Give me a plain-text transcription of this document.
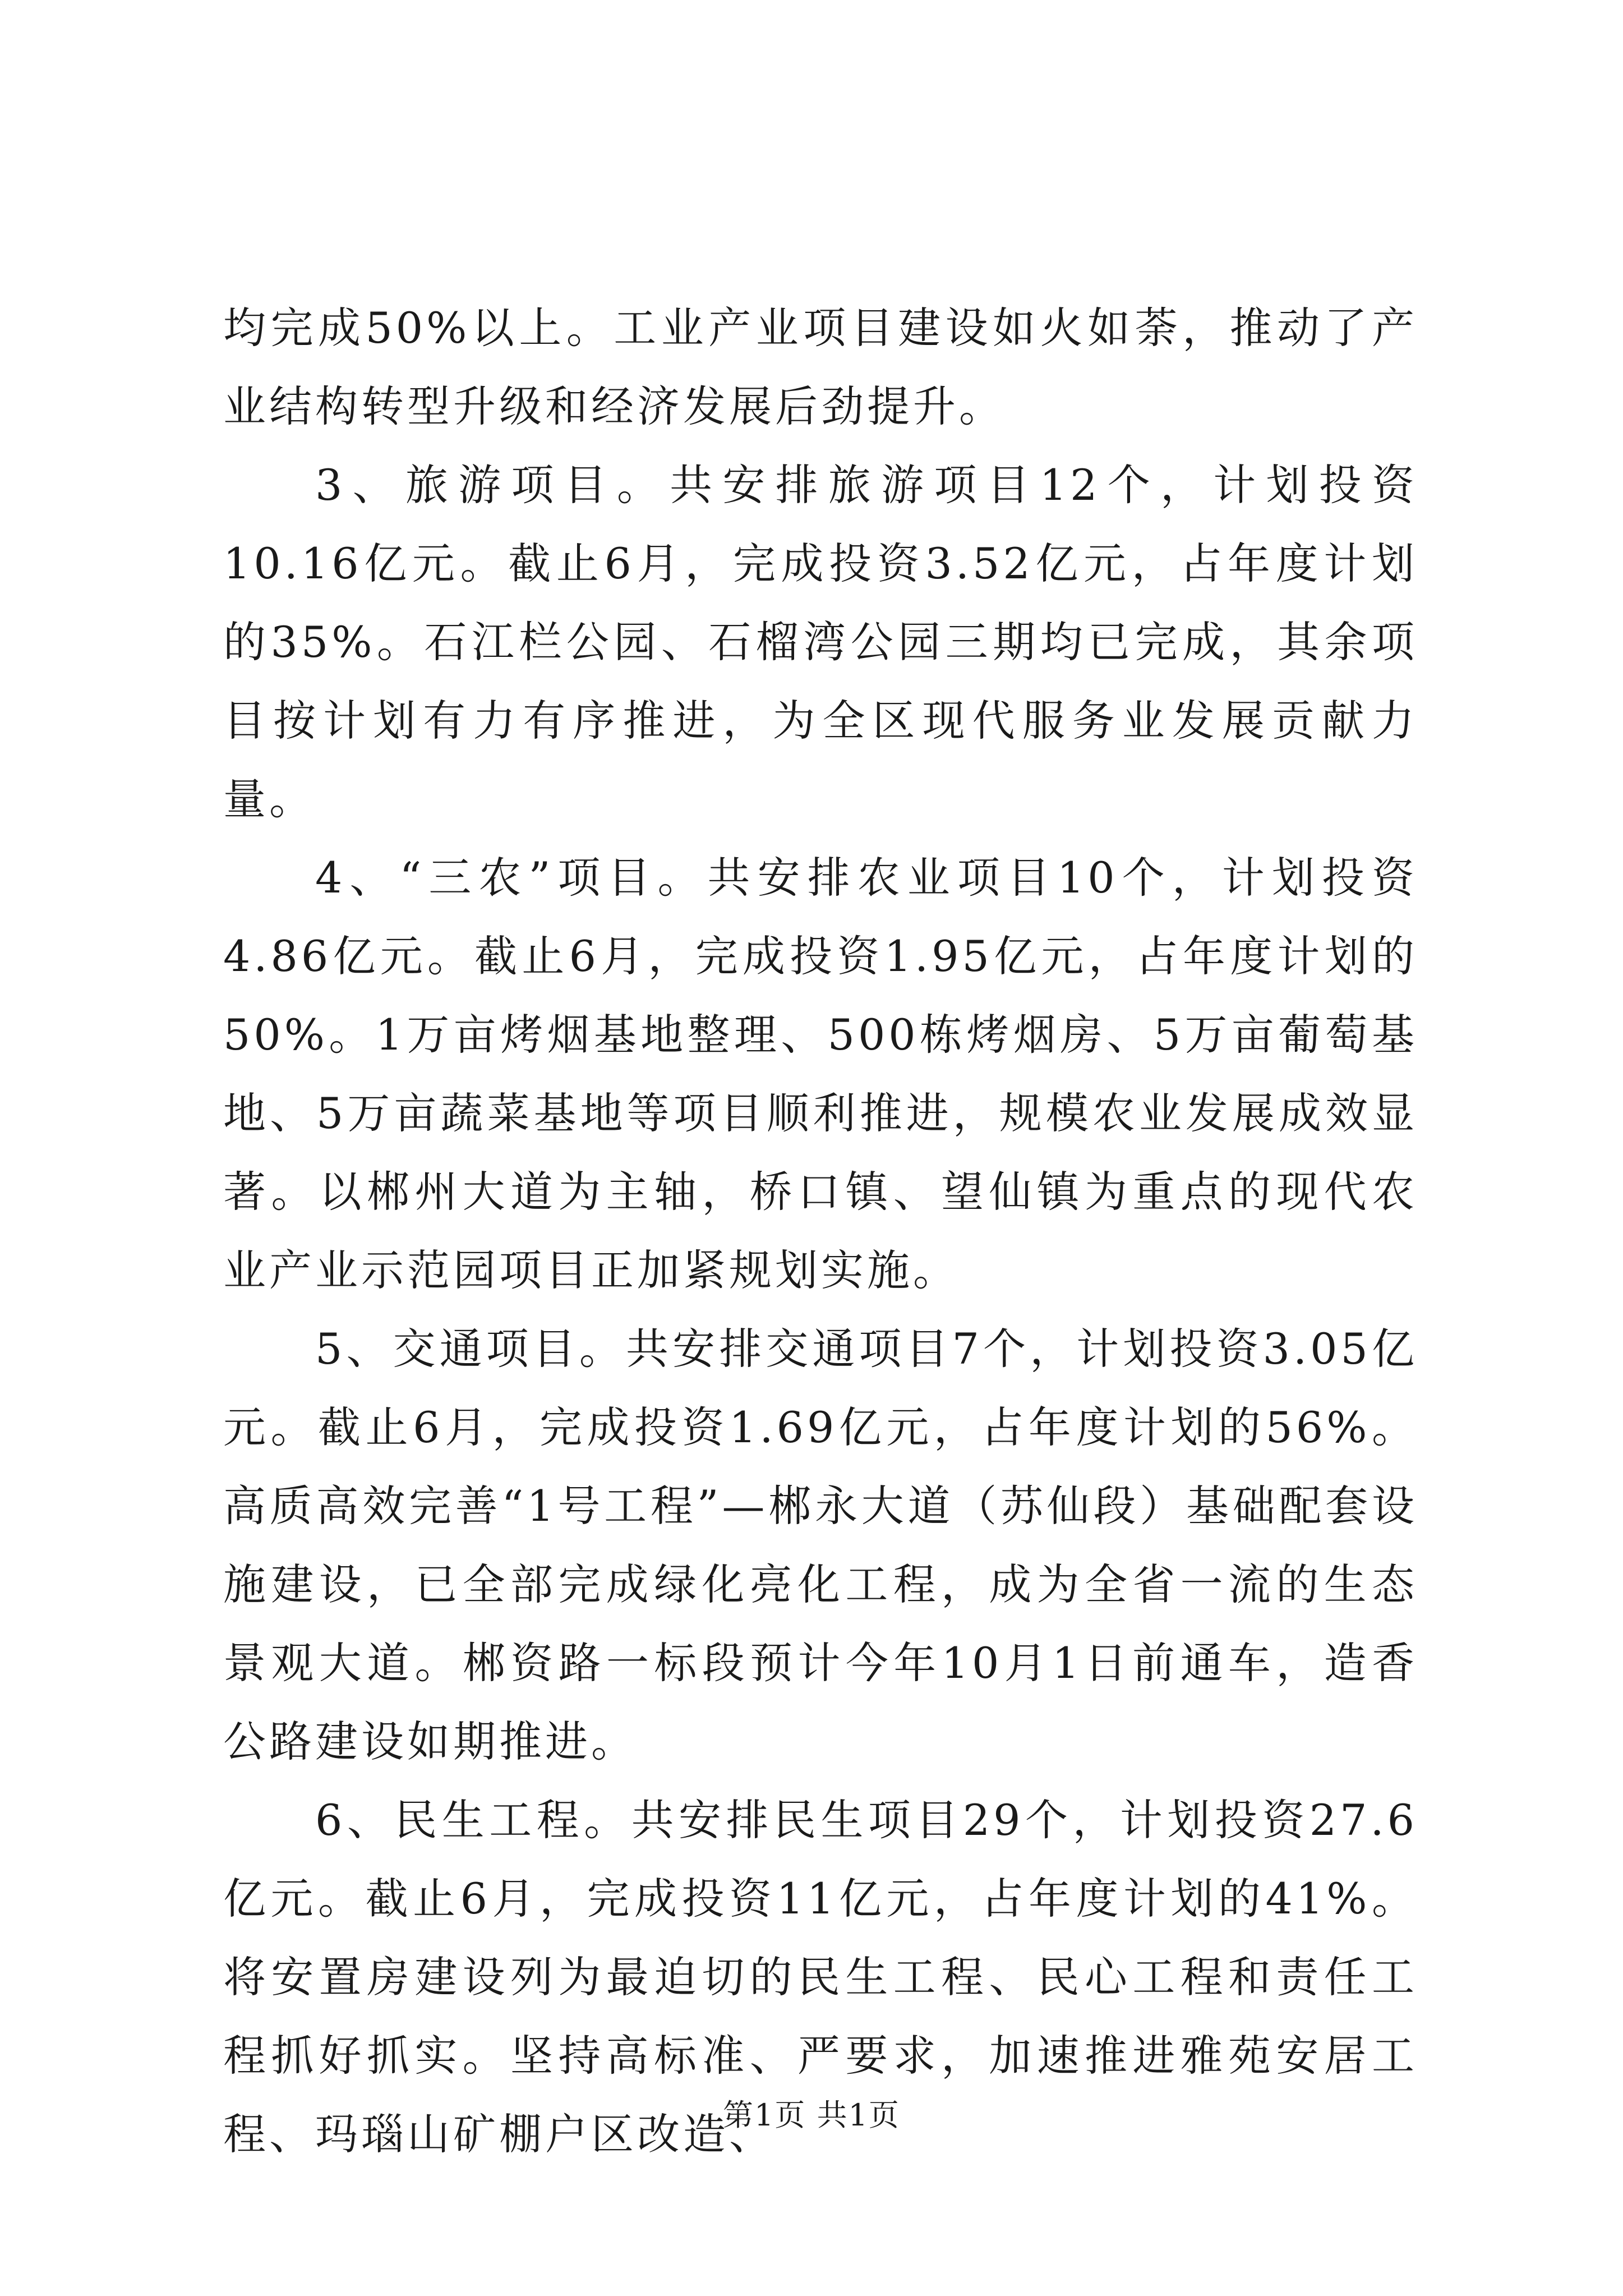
均完成50%以上。工业产业项目建设如火如荼，推动了产业结构转型升级和经济发展后劲提升。

3、旅游项目。共安排旅游项目12个，计划投资10.16亿元。截止6月，完成投资3.52亿元，占年度计划的35%。石江栏公园、石榴湾公园三期均已完成，其余项目按计划有力有序推进，为全区现代服务业发展贡献力量。

4、“三农”项目。共安排农业项目10个，计划投资4.86亿元。截止6月，完成投资1.95亿元，占年度计划的50%。1万亩烤烟基地整理、500栋烤烟房、5万亩葡萄基地、5万亩蔬菜基地等项目顺利推进，规模农业发展成效显著。以郴州大道为主轴，桥口镇、望仙镇为重点的现代农业产业示范园项目正加紧规划实施。

5、交通项目。共安排交通项目7个，计划投资3.05亿元。截止6月，完成投资1.69亿元，占年度计划的56%。高质高效完善“1号工程”—郴永大道（苏仙段）基础配套设施建设，已全部完成绿化亮化工程，成为全省一流的生态景观大道。郴资路一标段预计今年10月1日前通车，造香公路建设如期推进。

6、民生工程。共安排民生项目29个，计划投资27.6亿元。截止6月，完成投资11亿元，占年度计划的41%。将安置房建设列为最迫切的民生工程、民心工程和责任工程抓好抓实。坚持高标准、严要求，加速推进雅苑安居工程、玛瑙山矿棚户区改造、

第1页 共1页
